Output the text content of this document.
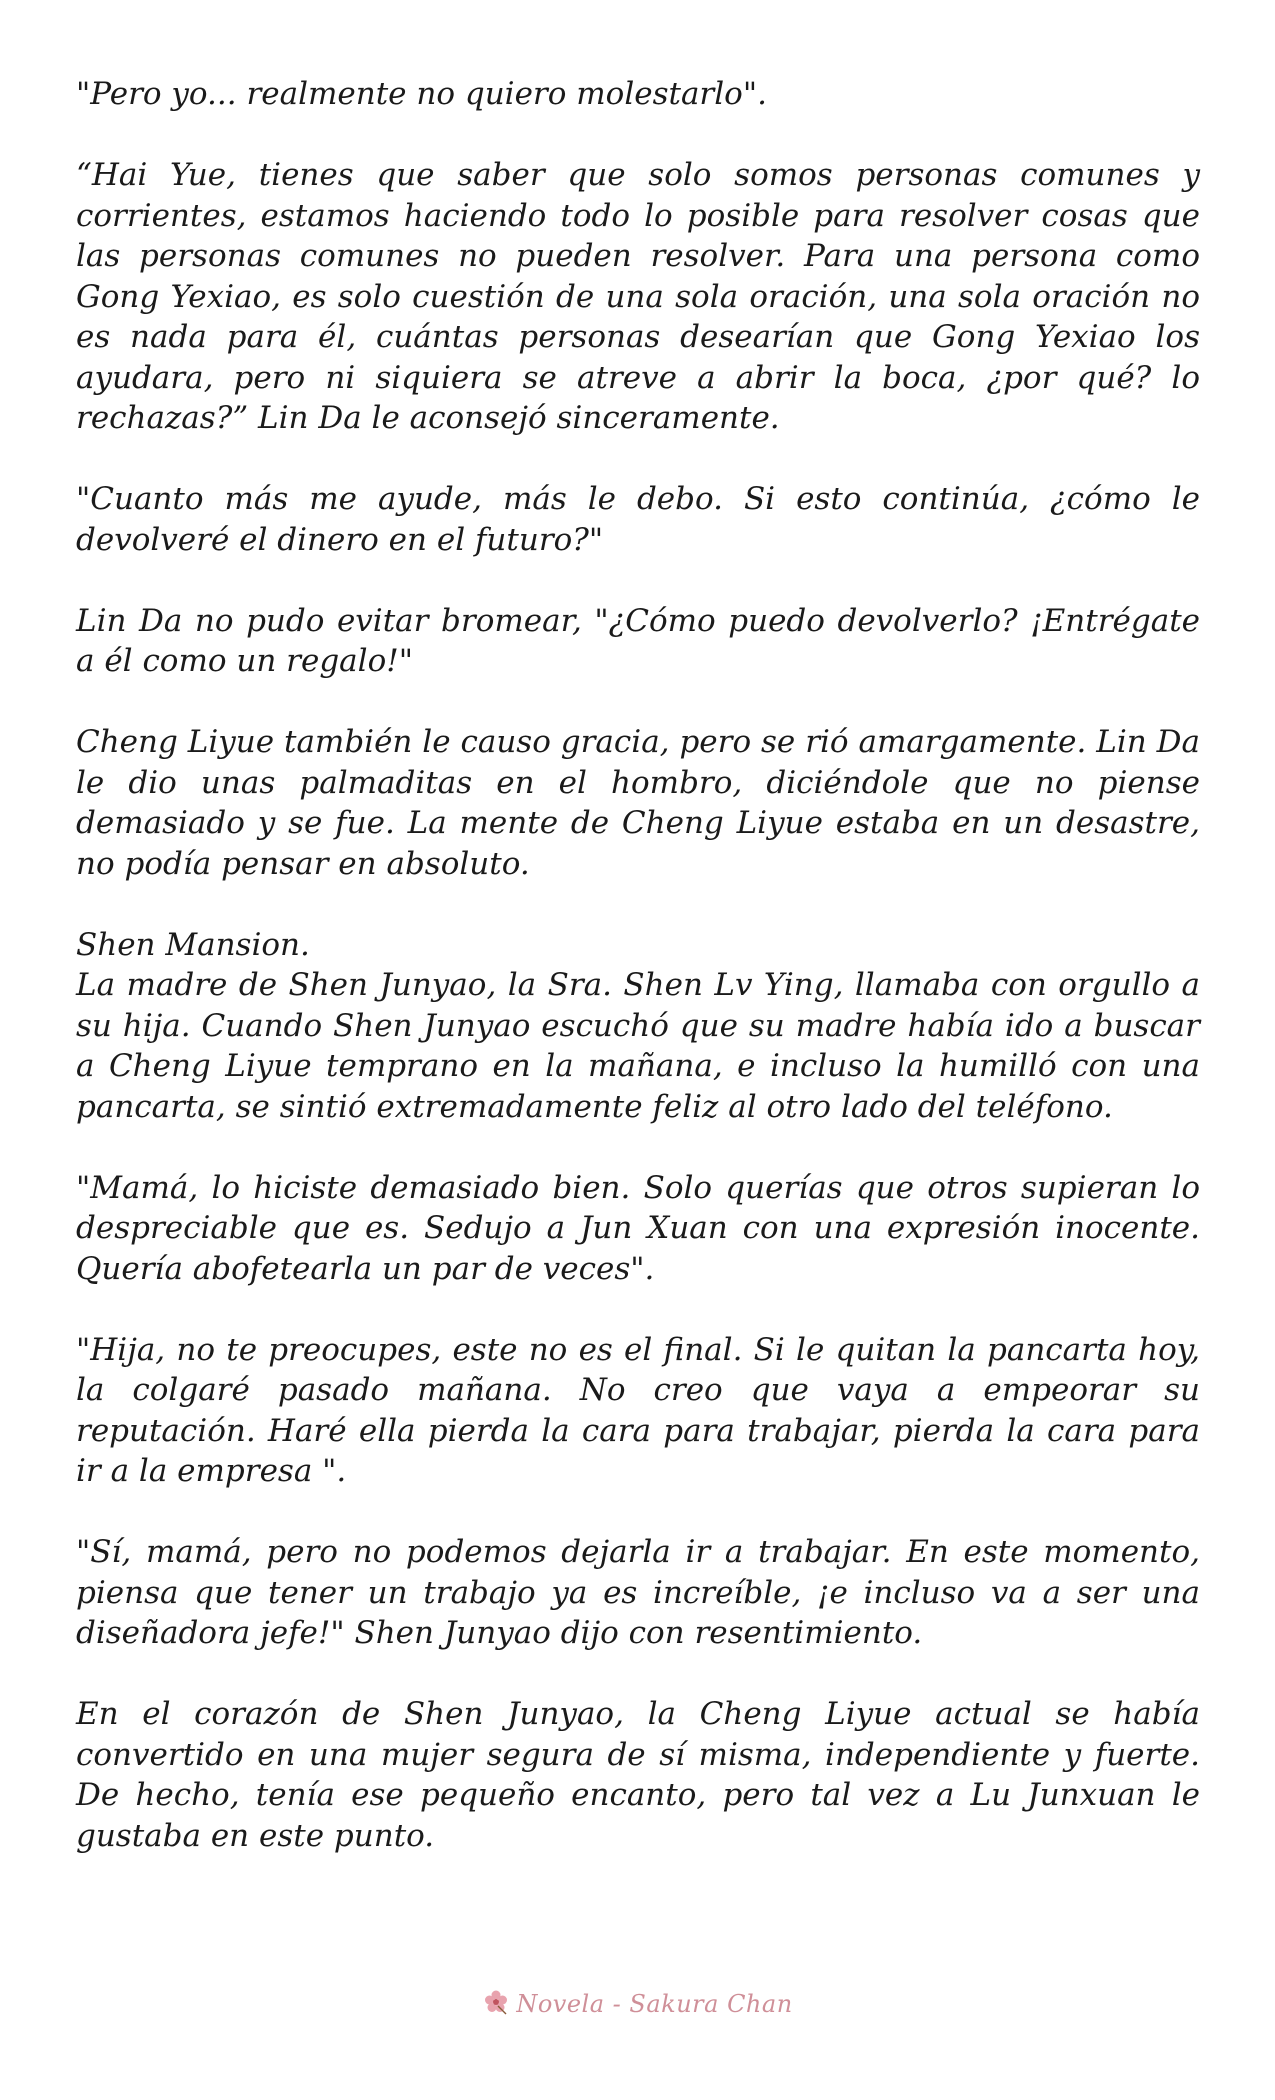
"Pero yo... realmente no quiero molestarlo".

“Hai Yue, tienes que saber que solo somos personas comunes y corrientes, estamos haciendo todo lo posible para resolver cosas que las personas comunes no pueden resolver. Para una persona como Gong Yexiao, es solo cuestión de una sola oración, una sola oración no es nada para él, cuántas personas desearían que Gong Yexiao los ayudara, pero ni siquiera se atreve a abrir la boca, ¿por qué? lo rechazas?” Lin Da le aconsejó sinceramente.

"Cuanto más me ayude, más le debo. Si esto continúa, ¿cómo le devolveré el dinero en el futuro?"

Lin Da no pudo evitar bromear, "¿Cómo puedo devolverlo? ¡Entrégate a él como un regalo!"

Cheng Liyue también le causo gracia, pero se rió amargamente. Lin Da le dio unas palmaditas en el hombro, diciéndole que no piense demasiado y se fue. La mente de Cheng Liyue estaba en un desastre, no podía pensar en absoluto.

Shen Mansion.

La madre de Shen Junyao, la Sra. Shen Lv Ying, llamaba con orgullo a su hija. Cuando Shen Junyao escuchó que su madre había ido a buscar a Cheng Liyue temprano en la mañana, e incluso la humilló con una pancarta, se sintió extremadamente feliz al otro lado del teléfono.

"Mamá, lo hiciste demasiado bien. Solo querías que otros supieran lo despreciable que es. Sedujo a Jun Xuan con una expresión inocente. Quería abofetearla un par de veces".

"Hija, no te preocupes, este no es el final. Si le quitan la pancarta hoy, la colgaré pasado mañana. No creo que vaya a empeorar su reputación. Haré ella pierda la cara para trabajar, pierda la cara para ir a la empresa ".

"Sí, mamá, pero no podemos dejarla ir a trabajar. En este momento, piensa que tener un trabajo ya es increíble, ¡e incluso va a ser una diseñadora jefe!" Shen Junyao dijo con resentimiento.

En el corazón de Shen Junyao, la Cheng Liyue actual se había convertido en una mujer segura de sí misma, independiente y fuerte. De hecho, tenía ese pequeño encanto, pero tal vez a Lu Junxuan le gustaba en este punto.

Novela - Sakura Chan
